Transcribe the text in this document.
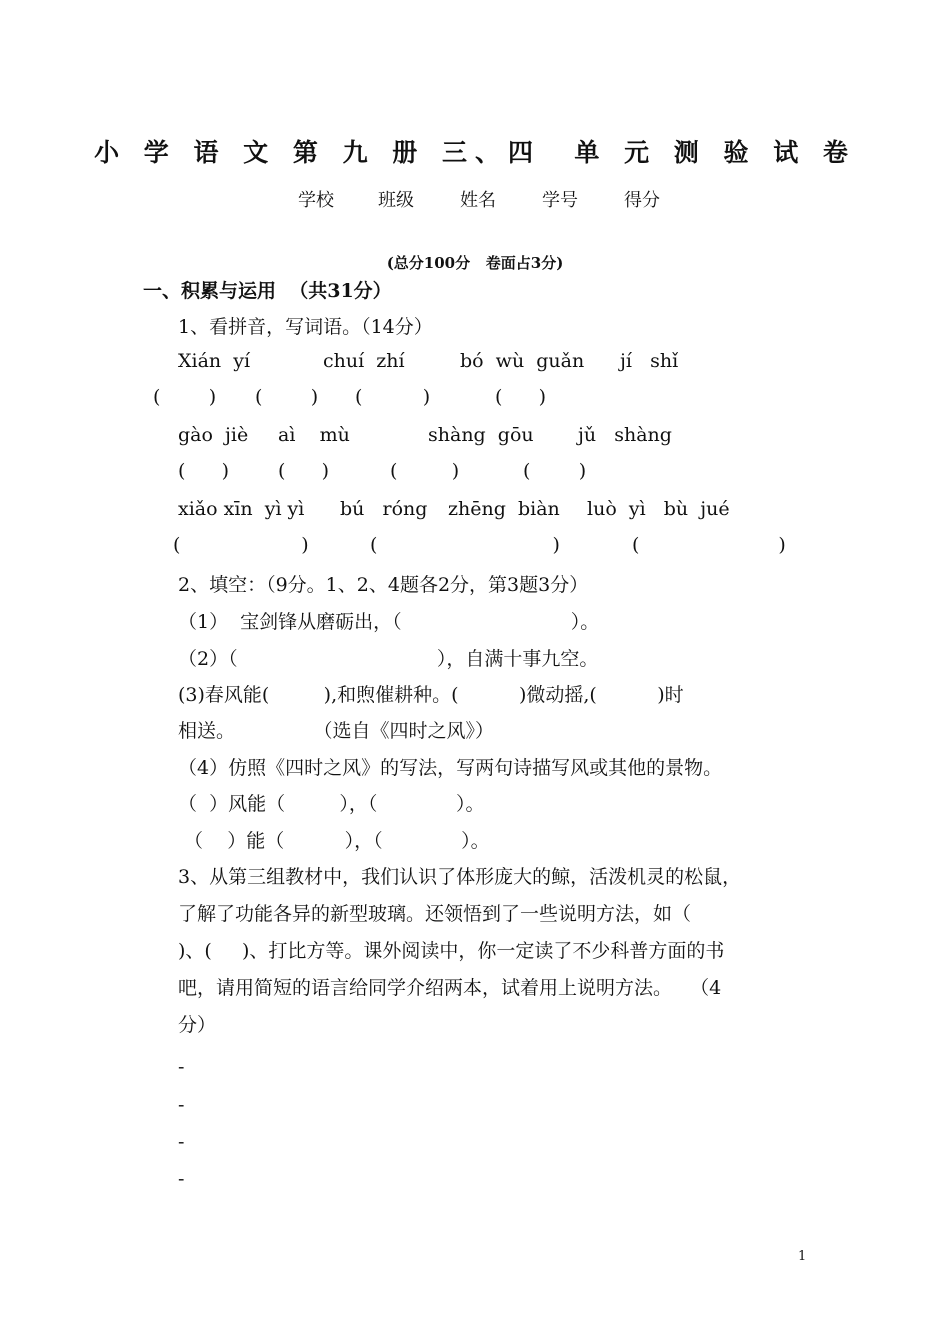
小 学 语 文 第 九 册 三、四  单 元 测 验 试 卷

学校

班级

	姓名

	学号

	得分

(总分100分   卷面占3分)
一、积累与运用  （共31分）
1、看拼音，写词语。（14分）
Xián  yí	chuí  zhí	bó  wù  guǎn jí   shǐ
(        ) (        ) (          )	(      )
gào  jiè aì    mù	shàng  gōu jǔ   shàng
(      )	(      )	(         )	(        )
xiǎo xīn  yì yì bú   róng zhēng  biàn luò  yì   bù  jué
(                    )	(                             )	(                       )
2、填空：（9分。1、2、4题各2分，第3题3分）
（1）  宝剑锋从磨砺出，（                            ）。
（2）（                                 ），自满十事九空。
(3)春风能(         ),和煦催耕种。(          )微动摇,(          )时
相送。             （选自《四时之风》）
（4）仿照《四时之风》的写法，写两句诗描写风或其他的景物。
（  ）风能（         ），（             ）。
（    ）能（          ），（             ）。
3、从第三组教材中，我们认识了体形庞大的鲸，活泼机灵的松鼠，
了解了功能各异的新型玻璃。还领悟到了一些说明方法，如（
)、(     )、打比方等。课外阅读中，你一定读了不少科普方面的书
吧，请用简短的语言给同学介绍两本，试着用上说明方法。   （4
分）
-
-
-
-
1
